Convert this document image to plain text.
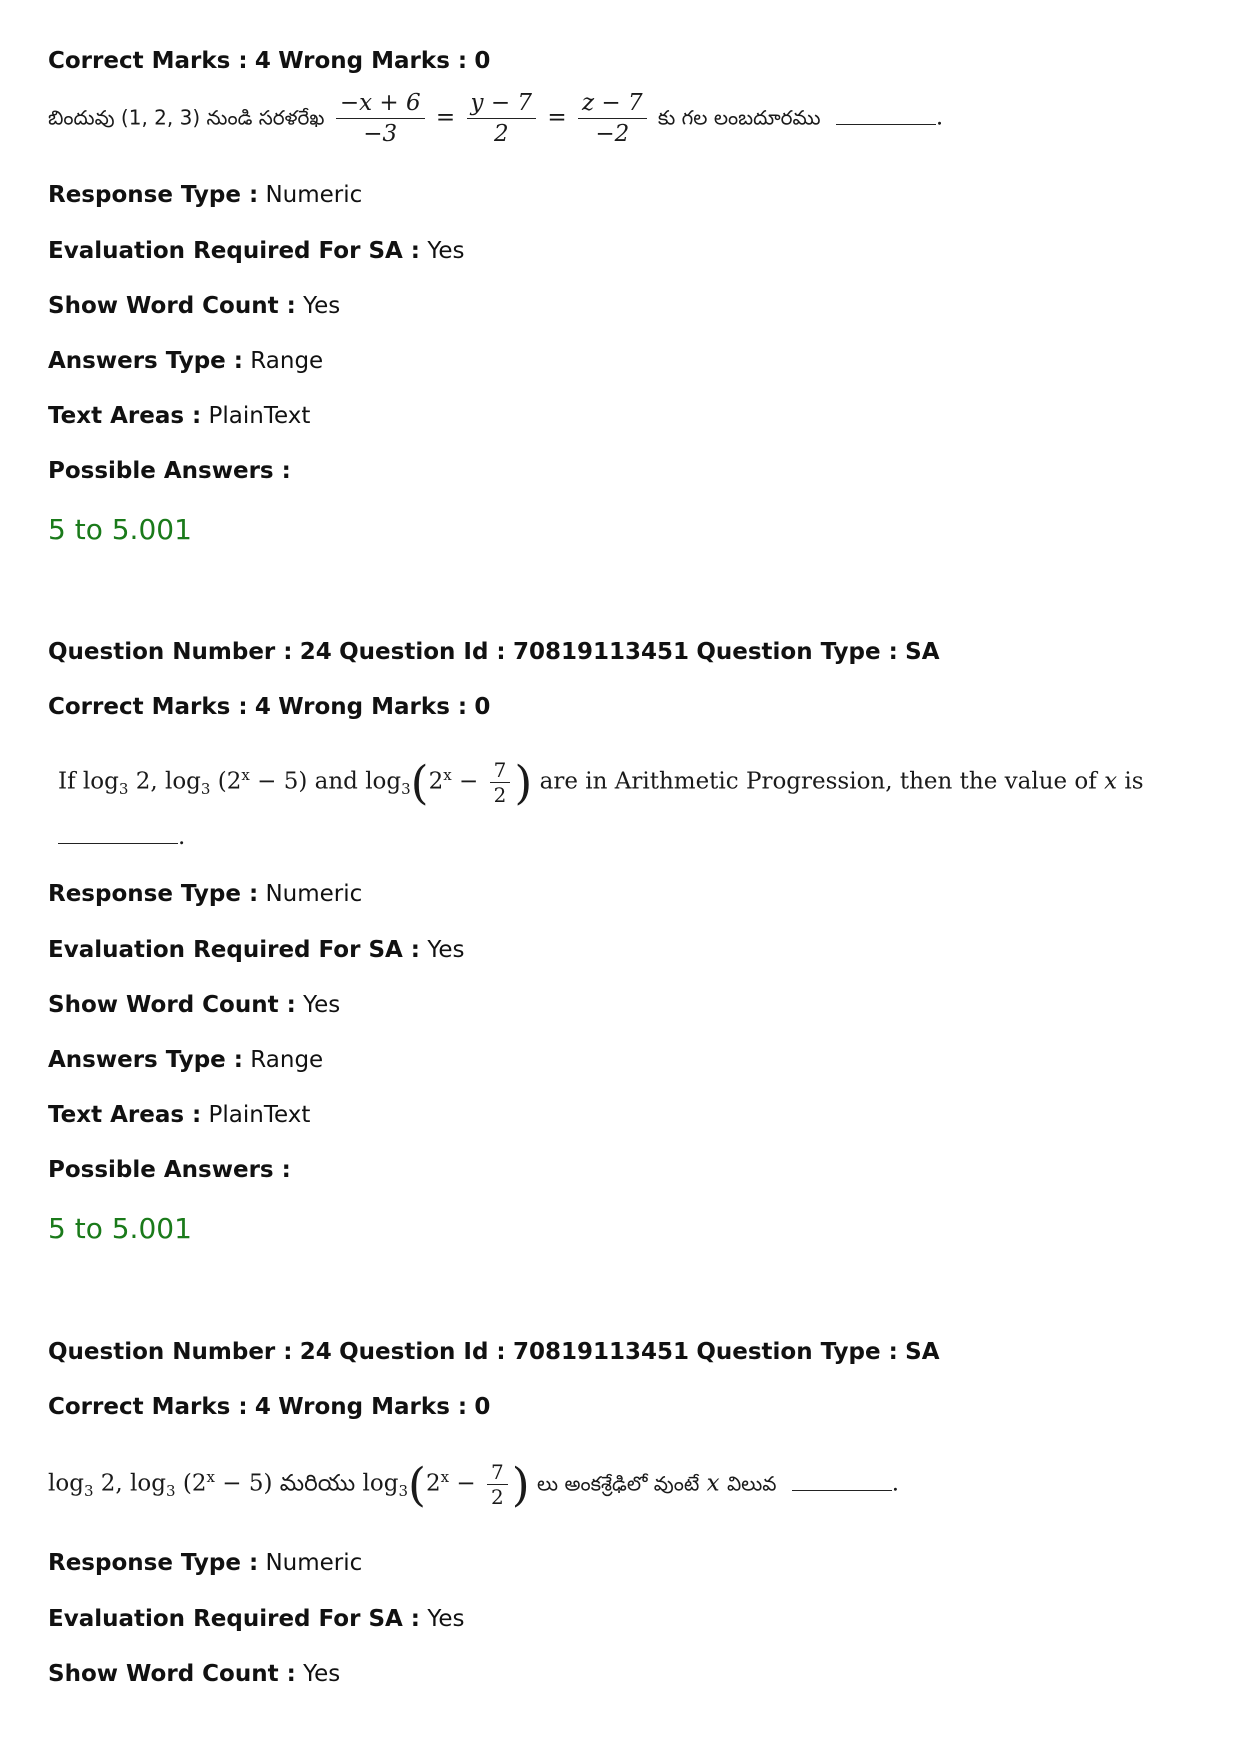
Correct Marks : 4 Wrong Marks : 0
బిందువు (1, 2, 3) నుండి సరళరేఖ $\frac{-x + 6}{-3} = \frac{y - 7}{2} = \frac{z - 7}{-2}$ కు గల లంబదూరము	.
Response Type : Numeric
Evaluation Required For SA : Yes
Show Word Count : Yes
Answers Type : Range
Text Areas : PlainText
Possible Answers :
5 to 5.001
Question Number : 24 Question Id : 70819113451 Question Type : SA
Correct Marks : 4 Wrong Marks : 0
If $\log_3 2$, $\log_3 (2^x - 5)$ and $\log_3(2^x - \frac{7}{2}$ ) are in Arithmetic Progression, then the value of x is
.
Response Type : Numeric
Evaluation Required For SA : Yes
Show Word Count : Yes
Answers Type : Range
Text Areas : PlainText
Possible Answers :
5 to 5.001
Question Number : 24 Question Id : 70819113451 Question Type : SA
Correct Marks : 4 Wrong Marks : 0
$\log_3 2$, $\log_3 (2^x - 5)$ మరియు $\log_3(2^x - \frac{7}{2}$ ) లు అంకశ్రేఢిలో వుంటే x విలువ	.
Response Type : Numeric
Evaluation Required For SA : Yes
Show Word Count : Yes
